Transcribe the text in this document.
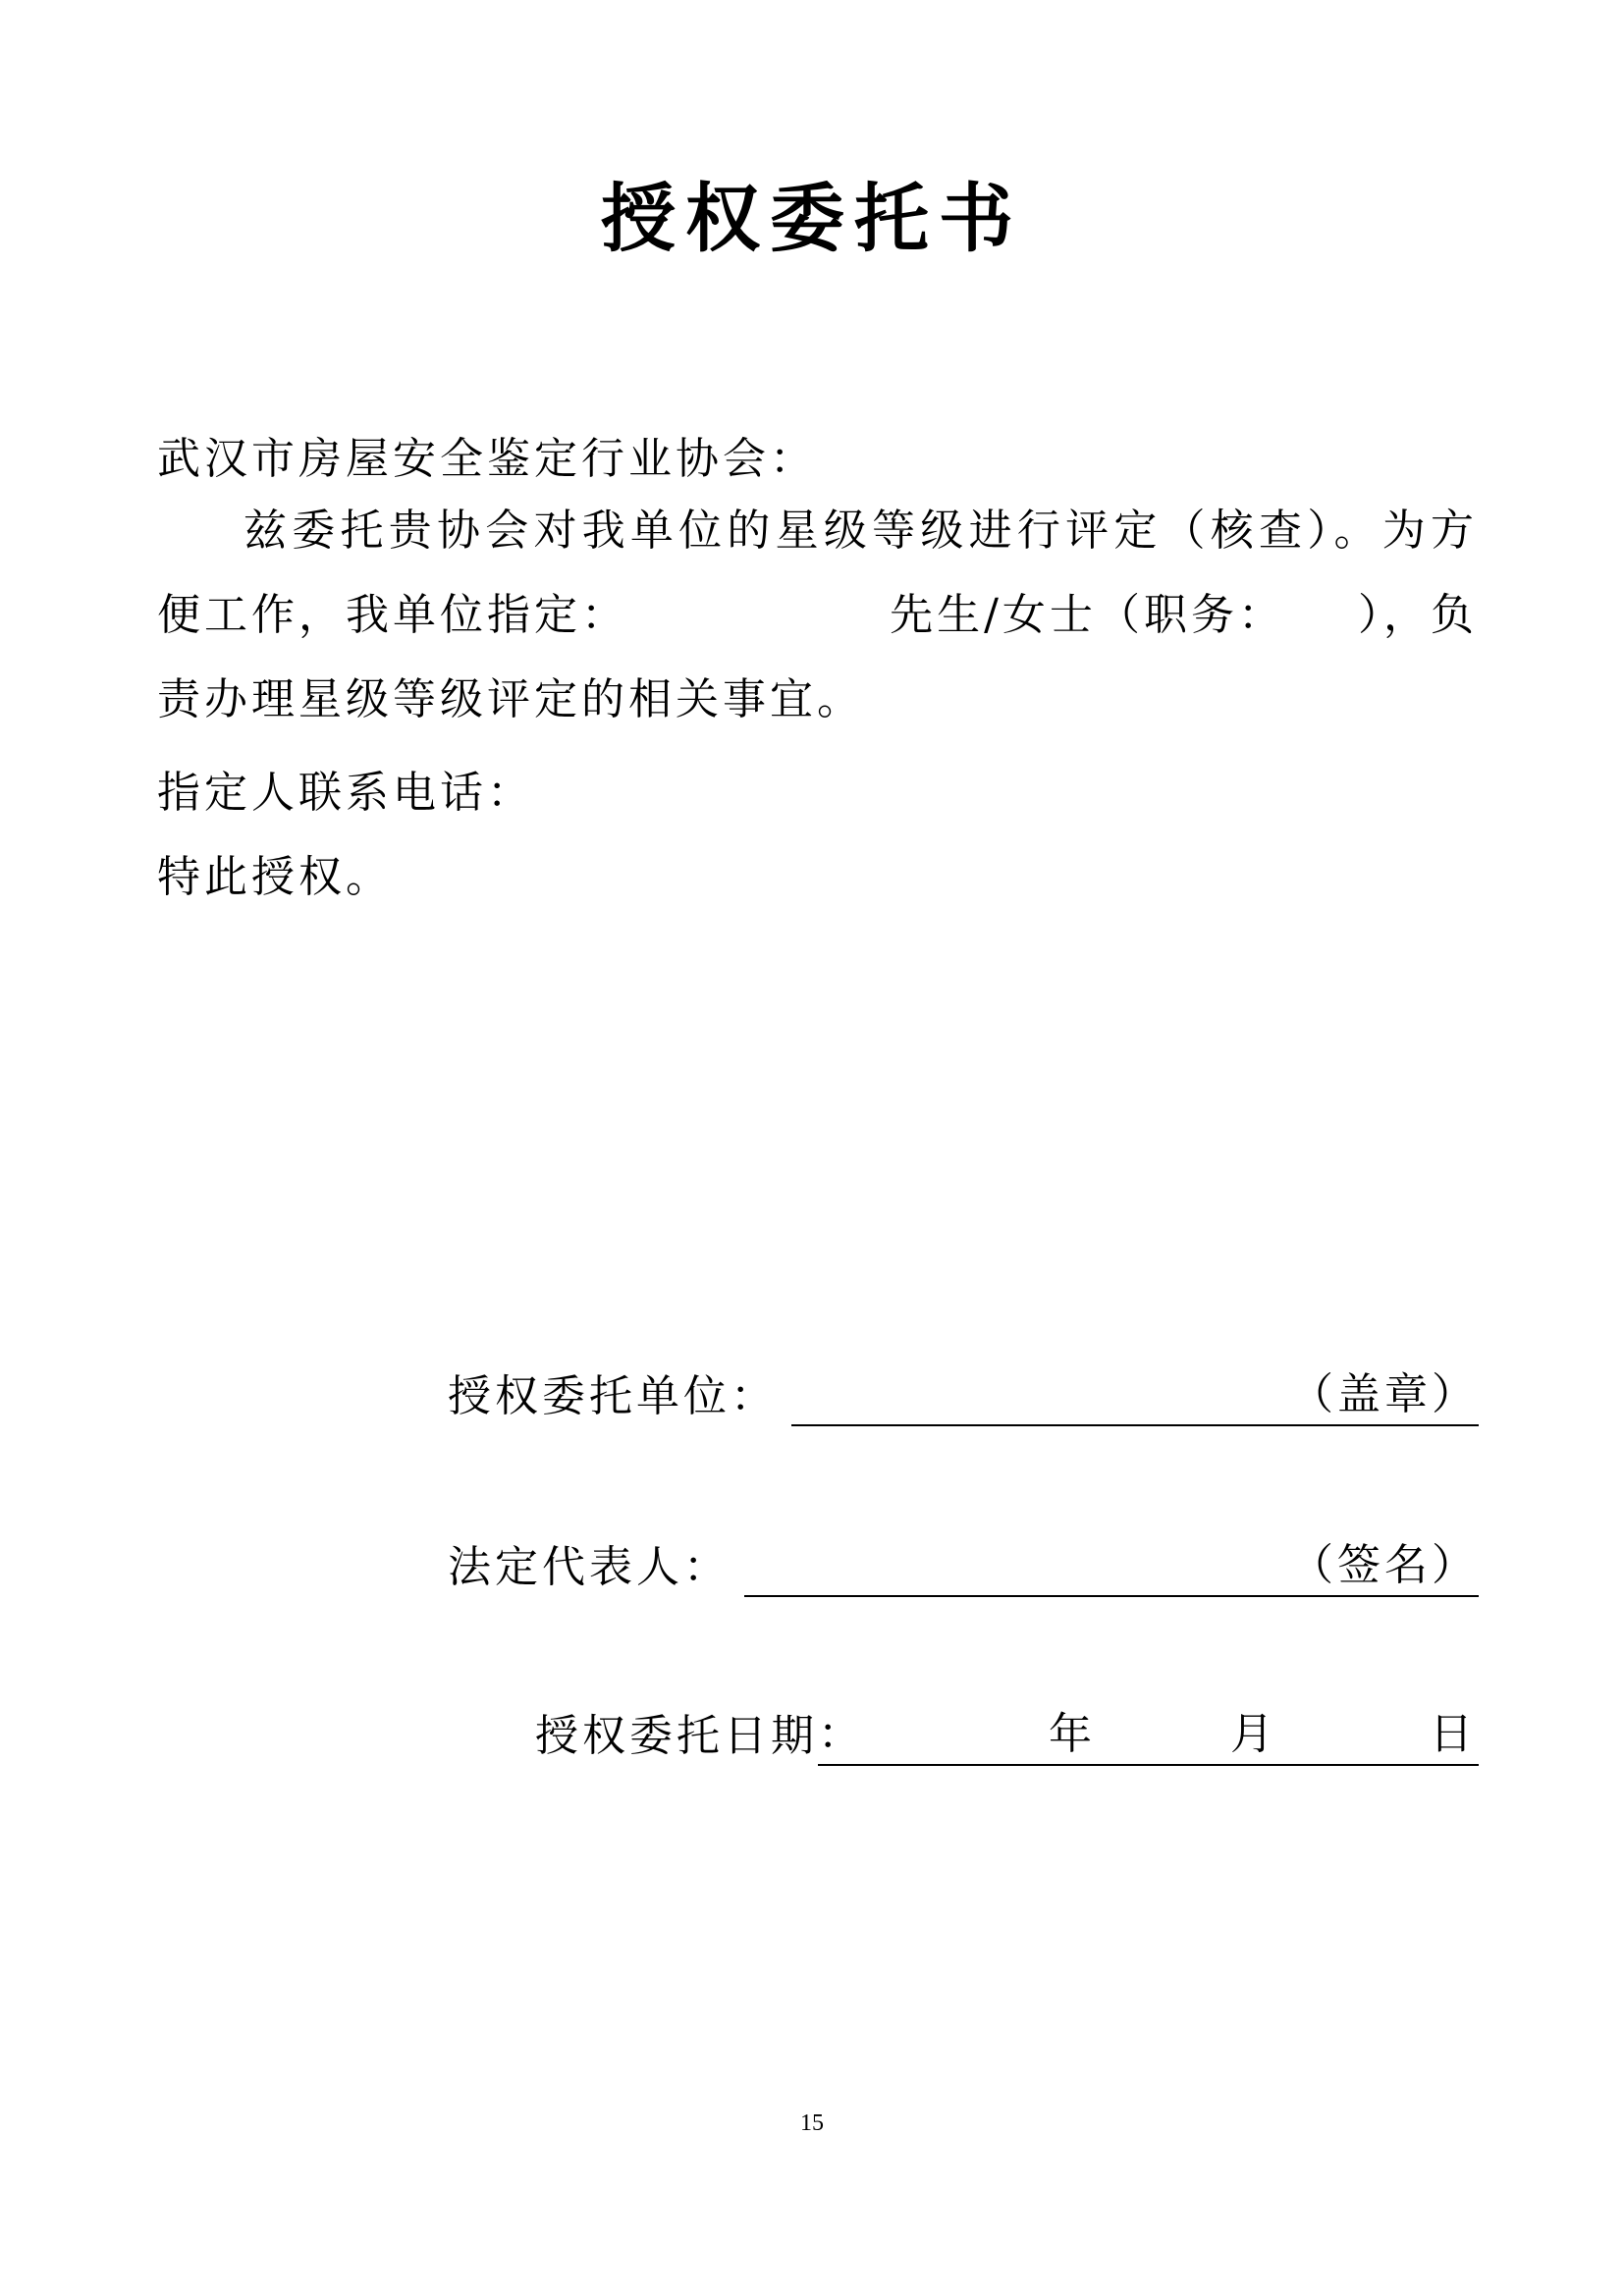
授权委托书

武汉市房屋安全鉴定行业协会：

兹委托贵协会对我单位的星级等级进行评定（核查）。为方便工作，我单位指定：　　　　　　先生/女士（职务：　　），负责办理星级等级评定的相关事宜。

指定人联系电话：

特此授权。

授权委托单位：	（盖章）
法定代表人：	（签名）
授权委托日期 ：	年	月	日

15
